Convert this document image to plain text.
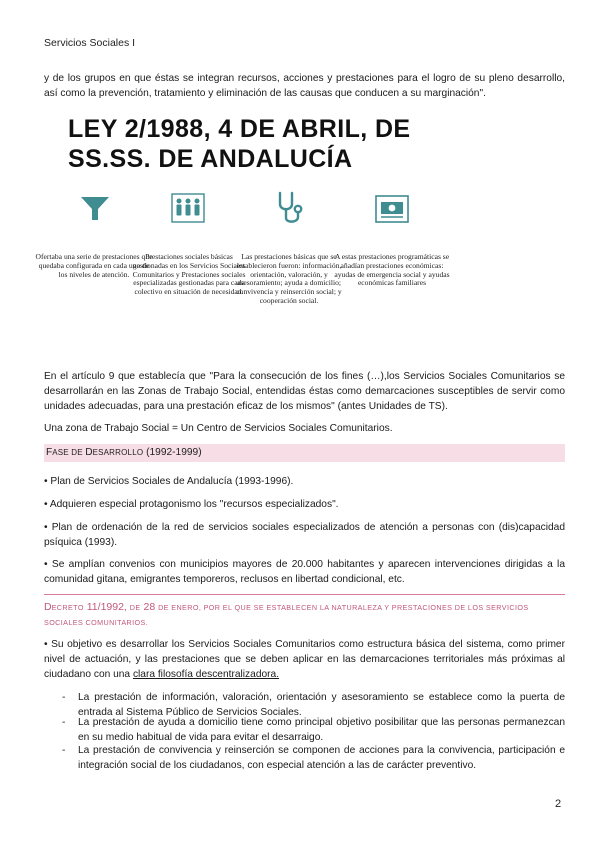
Servicios Sociales I
y de los grupos en que éstas se integran recursos, acciones y prestaciones para el logro de su pleno desarrollo, así como la prevención, tratamiento y eliminación de las causas que conducen a su marginación".
LEY 2/1988, 4 DE ABRIL, DE
SS.SS. DE ANDALUCÍA
Ofertaba una serie de prestaciones que quedaba configurada en cada uno de los niveles de atención.
Prestaciones sociales básicas gestionadas en los Servicios Sociales Comunitarios y Prestaciones sociales especializadas gestionadas para cada colectivo en situación de necesidad.
Las prestaciones básicas que se establecieron fueron: información, orientación, valoración, y asesoramiento; ayuda a domicilio; convivencia y reinserción social; y cooperación social.
A estas prestaciones programáticas se añadían prestaciones económicas: ayudas de emergencia social y ayudas económicas familiares
En el artículo 9 que establecía que "Para la consecución de los fines (…),los Servicios Sociales Comunitarios se desarrollarán en las Zonas de Trabajo Social, entendidas éstas como demarcaciones susceptibles de servir como unidades adecuadas, para una prestación eficaz de los mismos" (antes Unidades de TS).
Una zona de Trabajo Social = Un Centro de Servicios Sociales Comunitarios.
FASE DE DESARROLLO (1992-1999)
• Plan de Servicios Sociales de Andalucía (1993-1996).
• Adquieren especial protagonismo los "recursos especializados".
• Plan de ordenación de la red de servicios sociales especializados de atención a personas con (dis)capacidad psíquica (1993).
• Se amplían convenios con municipios mayores de 20.000 habitantes y aparecen intervenciones dirigidas a la comunidad gitana, emigrantes temporeros, reclusos en libertad condicional, etc.
DECRETO 11/1992, DE 28 DE ENERO, POR EL QUE SE ESTABLECEN LA NATURALEZA Y PRESTACIONES DE LOS SERVICIOS SOCIALES COMUNITARIOS.
• Su objetivo es desarrollar los Servicios Sociales Comunitarios como estructura básica del sistema, como primer nivel de actuación, y las prestaciones que se deben aplicar en las demarcaciones territoriales más próximas al ciudadano con una clara filosofía descentralizadora.
- La prestación de información, valoración, orientación y asesoramiento se establece como la puerta de entrada al Sistema Público de Servicios Sociales.
- La prestación de ayuda a domicilio tiene como principal objetivo posibilitar que las personas permanezcan en su medio habitual de vida para evitar el desarraigo.
- La prestación de convivencia y reinserción se componen de acciones para la convivencia, participación e integración social de los ciudadanos, con especial atención a las de carácter preventivo.
2
